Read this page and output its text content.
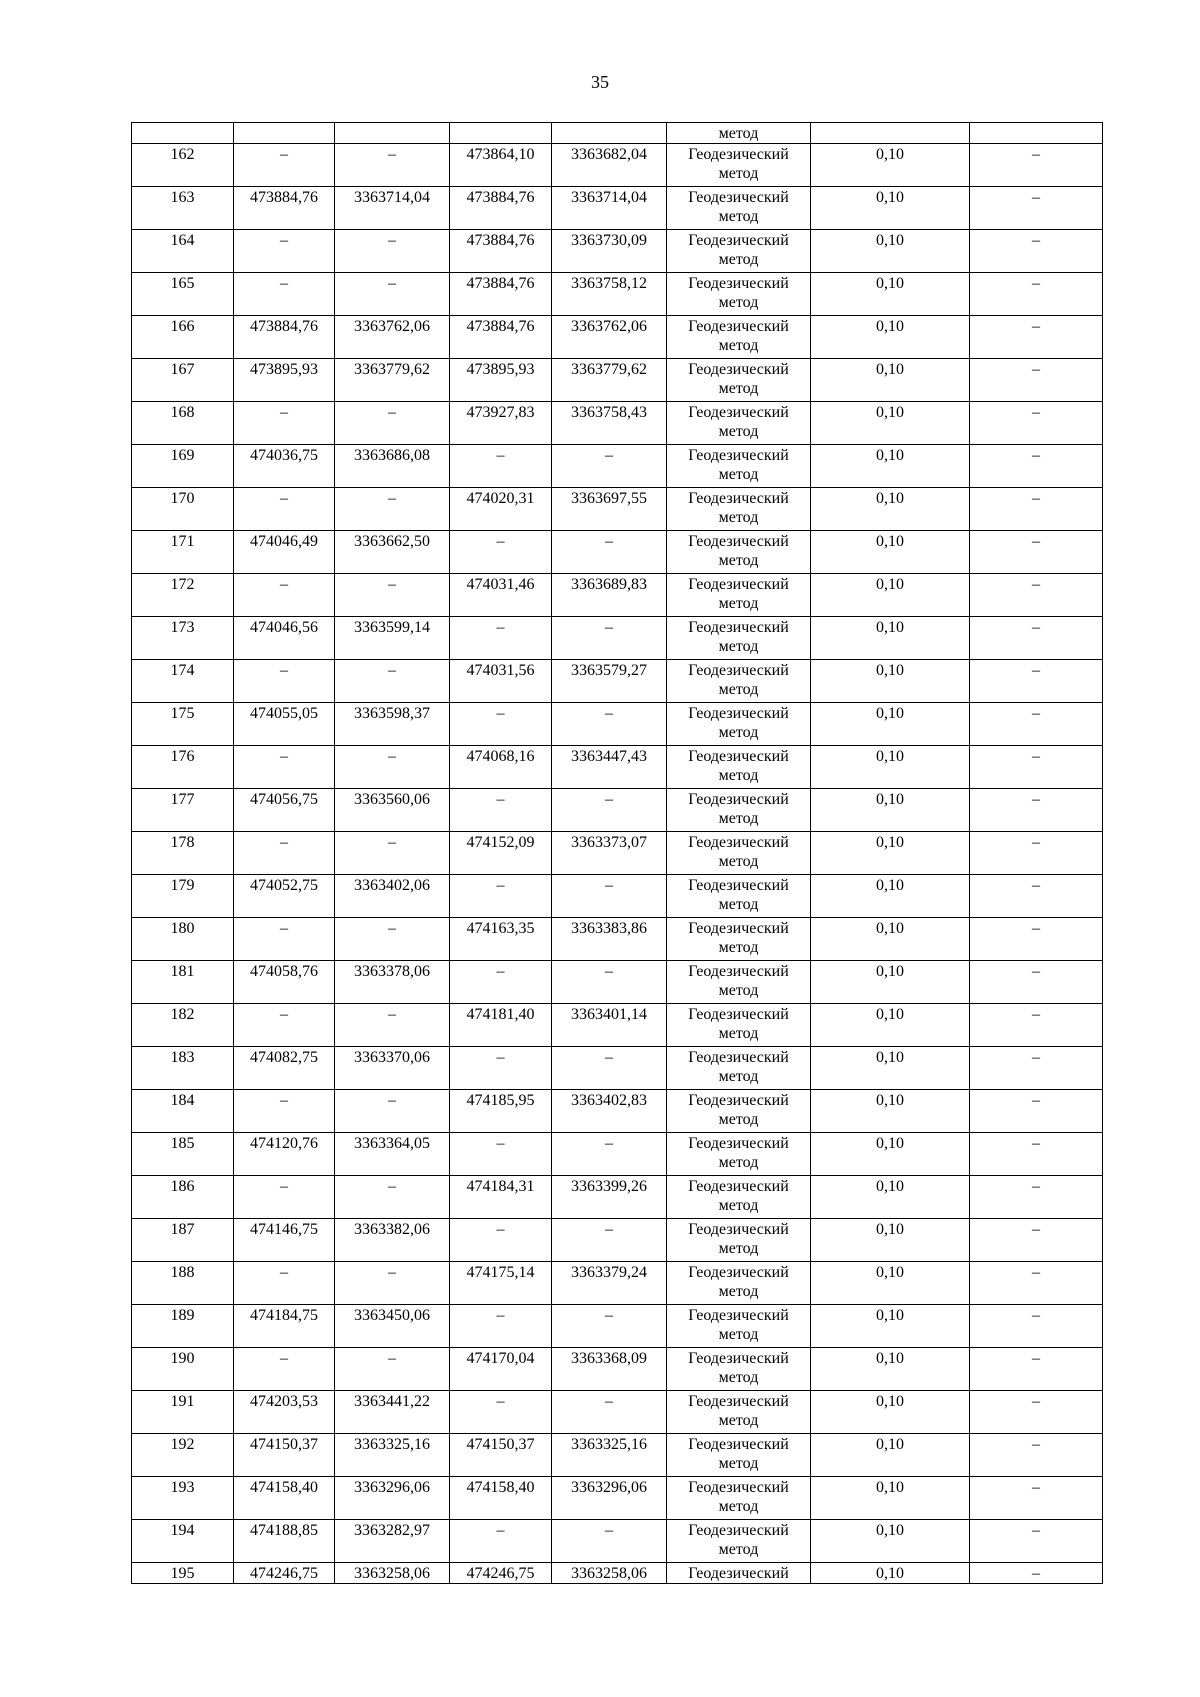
35

					метод		

162	–	–	473864,10	3363682,04	Геодезический
метод	0,10	–

163	473884,76	3363714,04	473884,76	3363714,04	Геодезический
метод	0,10	–

164	–	–	473884,76	3363730,09	Геодезический
метод	0,10	–

165	–	–	473884,76	3363758,12	Геодезический
метод	0,10	–

166	473884,76	3363762,06	473884,76	3363762,06	Геодезический
метод	0,10	–

167	473895,93	3363779,62	473895,93	3363779,62	Геодезический
метод	0,10	–

168	–	–	473927,83	3363758,43	Геодезический
метод	0,10	–

169	474036,75	3363686,08	–	–	Геодезический
метод	0,10	–

170	–	–	474020,31	3363697,55	Геодезический
метод	0,10	–

171	474046,49	3363662,50	–	–	Геодезический
метод	0,10	–

172	–	–	474031,46	3363689,83	Геодезический
метод	0,10	–

173	474046,56	3363599,14	–	–	Геодезический
метод	0,10	–

174	–	–	474031,56	3363579,27	Геодезический
метод	0,10	–

175	474055,05	3363598,37	–	–	Геодезический
метод	0,10	–

176	–	–	474068,16	3363447,43	Геодезический
метод	0,10	–

177	474056,75	3363560,06	–	–	Геодезический
метод	0,10	–

178	–	–	474152,09	3363373,07	Геодезический
метод	0,10	–

179	474052,75	3363402,06	–	–	Геодезический
метод	0,10	–

180	–	–	474163,35	3363383,86	Геодезический
метод	0,10	–

181	474058,76	3363378,06	–	–	Геодезический
метод	0,10	–

182	–	–	474181,40	3363401,14	Геодезический
метод	0,10	–

183	474082,75	3363370,06	–	–	Геодезический
метод	0,10	–

184	–	–	474185,95	3363402,83	Геодезический
метод	0,10	–

185	474120,76	3363364,05	–	–	Геодезический
метод	0,10	–

186	–	–	474184,31	3363399,26	Геодезический
метод	0,10	–

187	474146,75	3363382,06	–	–	Геодезический
метод	0,10	–

188	–	–	474175,14	3363379,24	Геодезический
метод	0,10	–

189	474184,75	3363450,06	–	–	Геодезический
метод	0,10	–

190	–	–	474170,04	3363368,09	Геодезический
метод	0,10	–

191	474203,53	3363441,22	–	–	Геодезический
метод	0,10	–

192	474150,37	3363325,16	474150,37	3363325,16	Геодезический
метод	0,10	–

193	474158,40	3363296,06	474158,40	3363296,06	Геодезический
метод	0,10	–

194	474188,85	3363282,97	–	–	Геодезический
метод	0,10	–

195	474246,75	3363258,06	474246,75	3363258,06	Геодезический	0,10	–
